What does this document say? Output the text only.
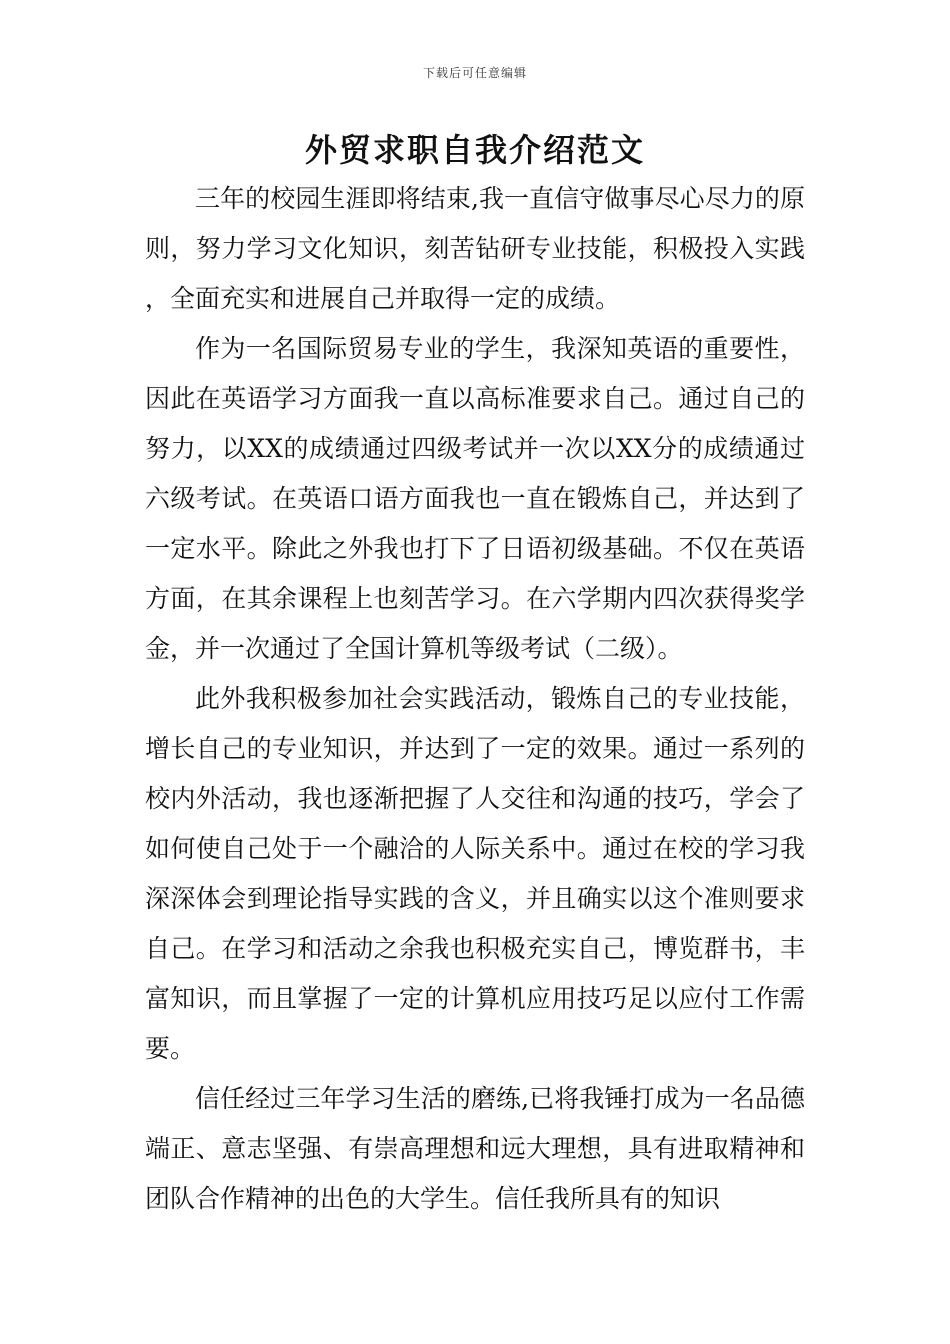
下载后可任意编辑
外贸求职自我介绍范文

三年的校园生涯即将结束,我一直信守做事尽心尽力的原则，努力学习文化知识，刻苦钻研专业技能，积极投入实践，全面充实和进展自己并取得一定的成绩。

作为一名国际贸易专业的学生，我深知英语的重要性，因此在英语学习方面我一直以高标准要求自己。通过自己的努力，以XX的成绩通过四级考试并一次以XX分的成绩通过六级考试。在英语口语方面我也一直在锻炼自己，并达到了一定水平。除此之外我也打下了日语初级基础。不仅在英语方面，在其余课程上也刻苦学习。在六学期内四次获得奖学金，并一次通过了全国计算机等级考试（二级）。

此外我积极参加社会实践活动，锻炼自己的专业技能，增长自己的专业知识，并达到了一定的效果。通过一系列的校内外活动，我也逐渐把握了人交往和沟通的技巧，学会了如何使自己处于一个融洽的人际关系中。通过在校的学习我深深体会到理论指导实践的含义，并且确实以这个准则要求自己。在学习和活动之余我也积极充实自己，博览群书，丰富知识，而且掌握了一定的计算机应用技巧足以应付工作需要。

信任经过三年学习生活的磨练,已将我锤打成为一名品德端正、意志坚强、有崇高理想和远大理想，具有进取精神和团队合作精神的出色的大学生。信任我所具有的知识
